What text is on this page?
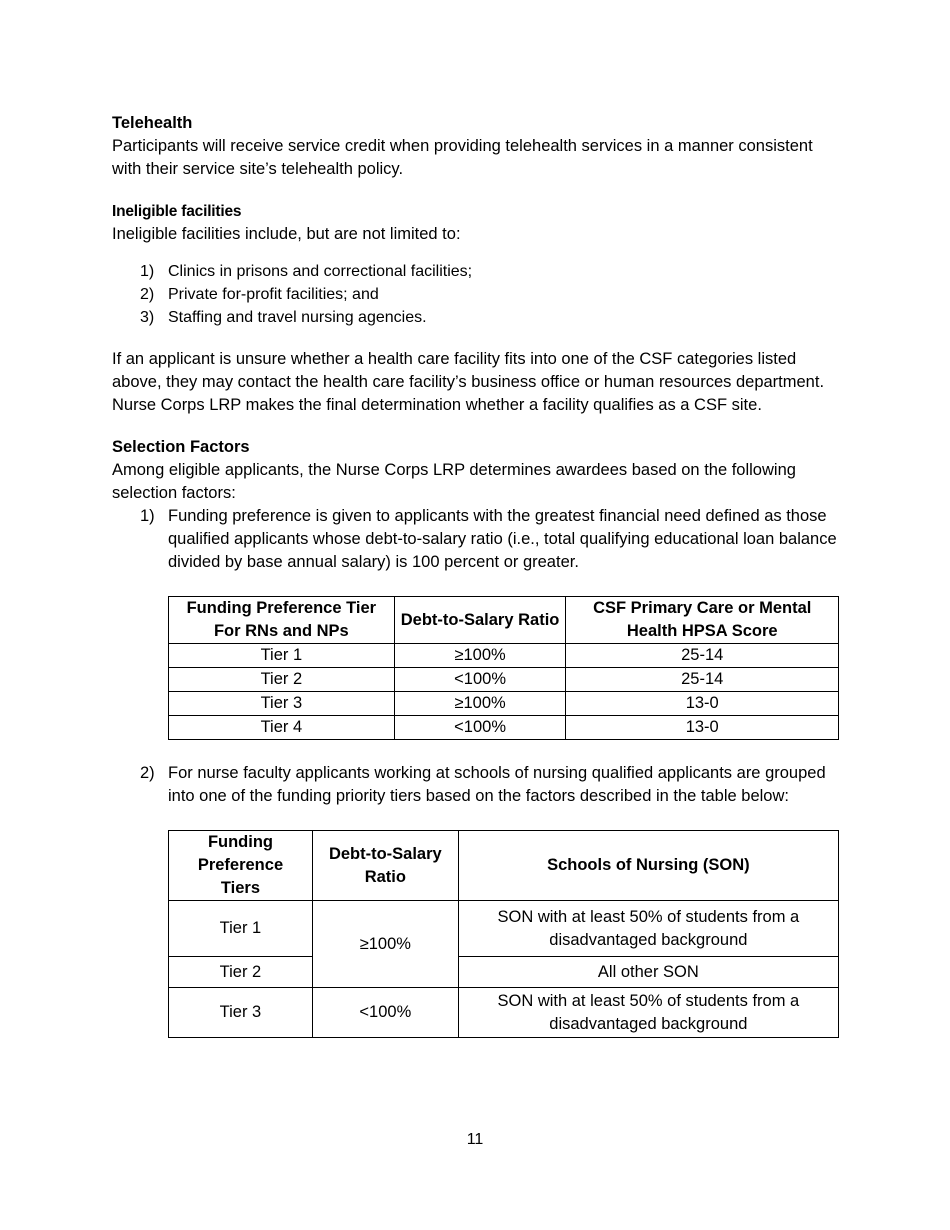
Telehealth

Participants will receive service credit when providing telehealth services in a manner consistent with their service site’s telehealth policy.

Ineligible facilities

Ineligible facilities include, but are not limited to:

1) Clinics in prisons and correctional facilities;
2) Private for-profit facilities; and
3) Staffing and travel nursing agencies.

If an applicant is unsure whether a health care facility fits into one of the CSF categories listed above, they may contact the health care facility’s business office or human resources department. Nurse Corps LRP makes the final determination whether a facility qualifies as a CSF site.

Selection Factors

Among eligible applicants, the Nurse Corps LRP determines awardees based on the following selection factors:

1) Funding preference is given to applicants with the greatest financial need defined as those qualified applicants whose debt-to-salary ratio (i.e., total qualifying educational loan balance divided by base annual salary) is 100 percent or greater.
Funding Preference Tier For RNs and NPs	Debt-to-Salary Ratio	CSF Primary Care or Mental Health HPSA Score
Tier 1	≥100%	25-14
Tier 2	<100%	25-14
Tier 3	≥100%	13-0
Tier 4	<100%	13-0
2) For nurse faculty applicants working at schools of nursing qualified applicants are grouped into one of the funding priority tiers based on the factors described in the table below:
Funding Preference Tiers	Debt-to-Salary Ratio	Schools of Nursing (SON)
Tier 1	≥100%	SON with at least 50% of students from a disadvantaged background
Tier 2		All other SON
Tier 3	<100%	SON with at least 50% of students from a disadvantaged background
11
